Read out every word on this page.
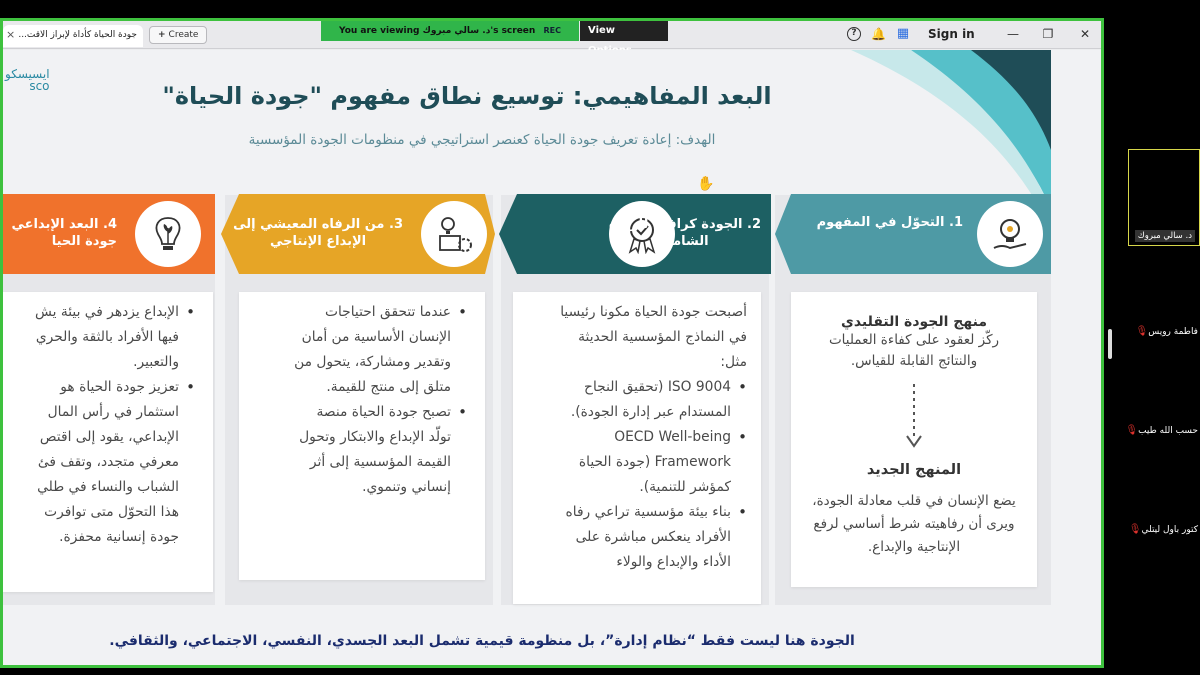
د. سالي مبروك
فاطمة رويس🎙
حسب الله طيب🎙
كتور باول ليتلي🎙
جودة الحياة كأداة لإبراز الاقت...
×	+ Create	You are viewing د. سالي مبروك's screen REC	View	?	🔔 ▦ Sign in	—	❐	✕
ايسيسكو
sco	البعد المفاهيمي: توسيع نطاق مفهوم "جودة الحياة"
الهدف: إعادة تعريف جودة الحياة كعنصر استراتيجي في منظومات الجودة المؤسسية
✋
1. التحوّل في المفهوم
منهج الجودة التقليدي
ركّز لعقود على كفاءة العمليات
والنتائج القابلة للقياس.
المنهج الجديد
يضع الإنسان في قلب معادلة الجودة،
ويرى أن رفاهيته شرط أساسي لرفع
الإنتاجية والإبداع.
2. الجودة كرافعة للرفاه
الشامل
أصبحت جودة الحياة مكونا رئيسيا
في النماذج المؤسسية الحديثة
مثل:
• ISO 9004 (تحقيق النجاح
المستدام عبر إدارة الجودة).
• OECD Well-being
Framework (جودة الحياة
كمؤشر للتنمية).
• بناء بيئة مؤسسية تراعي رفاه
الأفراد ينعكس مباشرة على
الأداء والإبداع والولاء
3. من الرفاه المعيشي إلى
الإبداع الإنتاجي
• عندما تتحقق احتياجات
الإنسان الأساسية من أمان
وتقدير ومشاركة، يتحول من
متلق إلى منتج للقيمة.
• تصبح جودة الحياة منصة
تولّد الإبداع والابتكار وتحول
القيمة المؤسسية إلى أثر
إنساني وتنموي.
4. البعد الإبداعي
جودة الحيا
• الإبداع يزدهر في بيئة يش
فيها الأفراد بالثقة والحري
والتعبير.
• تعزيز جودة الحياة هو
استثمار في رأس المال
الإبداعي، يقود إلى اقتص
معرفي متجدد، وتقف فئ
الشباب والنساء في طلي
هذا التحوّل متى توافرت
جودة إنسانية محفزة.
الجودة هنا ليست فقط “نظام إدارة”، بل منظومة قيمية تشمل البعد الجسدي، النفسي، الاجتماعي، والثقافي.
